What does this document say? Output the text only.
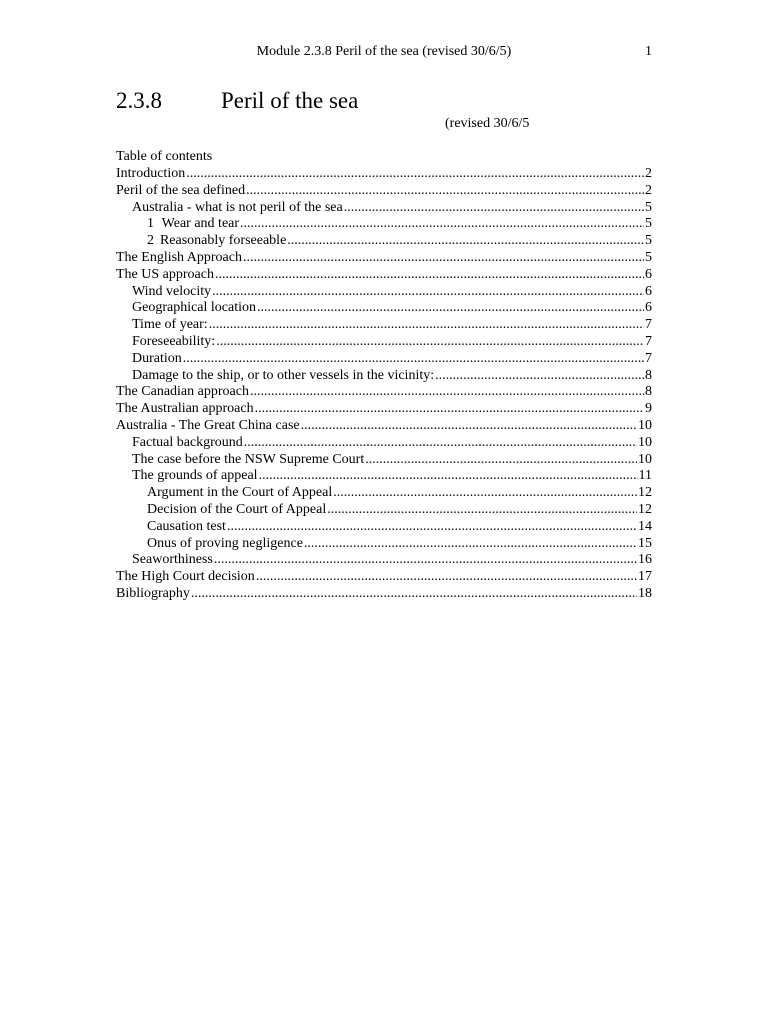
Module 2.3.8 Peril of the sea (revised 30/6/5)	1
2.3.8	Peril of the sea
(revised 30/6/5
Table of contents
Introduction .....	2
Peril of the sea defined .....	2
Australia - what is not peril of the sea .....	5
1 Wear and tear .....	5
2 Reasonably forseeable .....	5
The English Approach .....	5
The US approach .....	6
Wind velocity .....	6
Geographical location .....	6
Time of year: .....	7
Foreseeability: .....	7
Duration .....	7
Damage to the ship, or to other vessels in the vicinity: .....	8
The Canadian approach .....	8
The Australian approach .....	9
Australia - The Great China case .....	10
Factual background .....	10
The case before the NSW Supreme Court .....	10
The grounds of appeal .....	11
Argument in the Court of Appeal .....	12
Decision of the Court of Appeal .....	12
Causation test .....	14
Onus of proving negligence .....	15
Seaworthiness .....	16
The High Court decision .....	17
Bibliography .....	18
